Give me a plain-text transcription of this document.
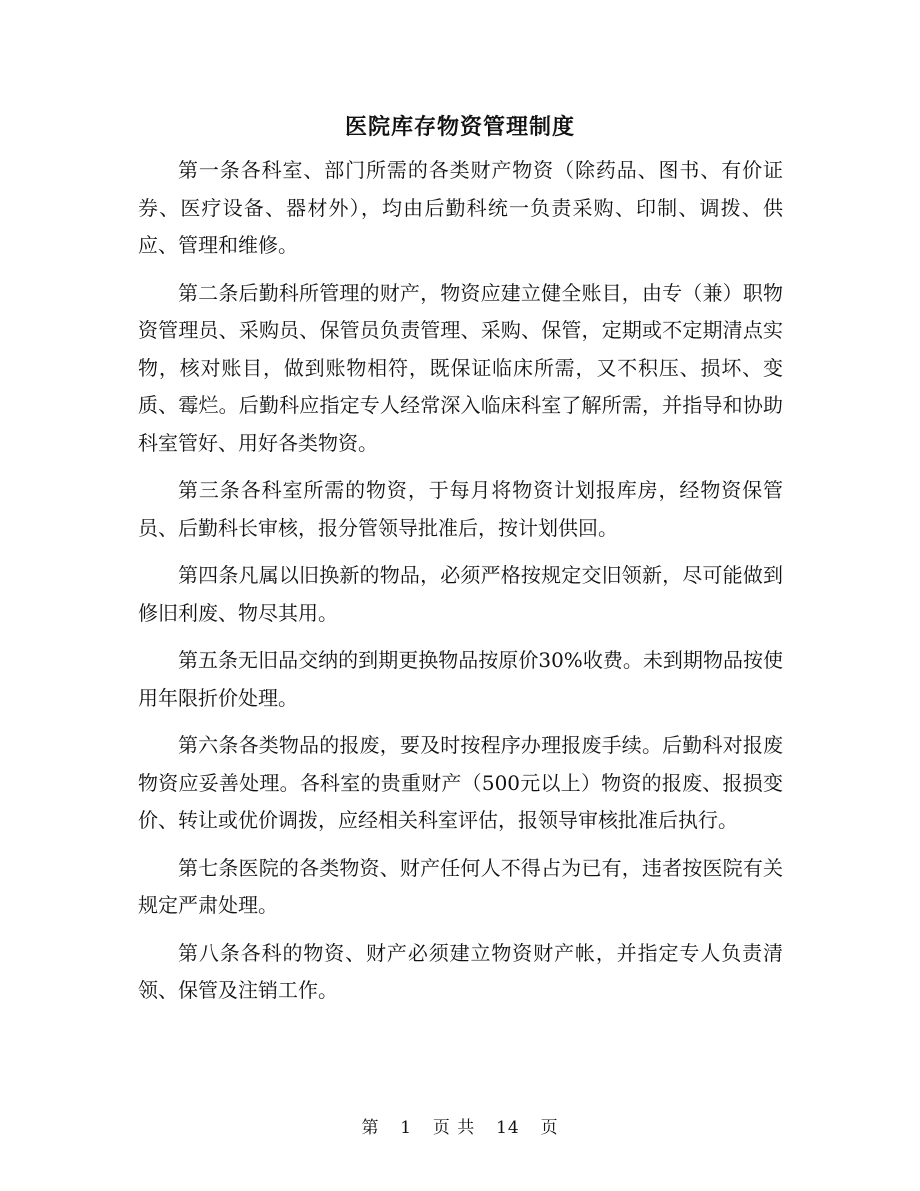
医院库存物资管理制度

第一条各科室、部门所需的各类财产物资（除药品、图书、有价证券、医疗设备、器材外），均由后勤科统一负责采购、印制、调拨、供应、管理和维修。

第二条后勤科所管理的财产，物资应建立健全账目，由专（兼）职物资管理员、采购员、保管员负责管理、采购、保管，定期或不定期清点实物，核对账目，做到账物相符，既保证临床所需，又不积压、损坏、变质、霉烂。后勤科应指定专人经常深入临床科室了解所需，并指导和协助科室管好、用好各类物资。

第三条各科室所需的物资，于每月将物资计划报库房，经物资保管员、后勤科长审核，报分管领导批准后，按计划供回。

第四条凡属以旧换新的物品，必须严格按规定交旧领新，尽可能做到修旧利废、物尽其用。

第五条无旧品交纳的到期更换物品按原价30%收费。未到期物品按使用年限折价处理。

第六条各类物品的报废，要及时按程序办理报废手续。后勤科对报废物资应妥善处理。各科室的贵重财产（500元以上）物资的报废、报损变价、转让或优价调拨，应经相关科室评估，报领导审核批准后执行。

第七条医院的各类物资、财产任何人不得占为已有，违者按医院有关规定严肃处理。

第八条各科的物资、财产必须建立物资财产帐，并指定专人负责清领、保管及注销工作。

第 1 页 共 14 页
